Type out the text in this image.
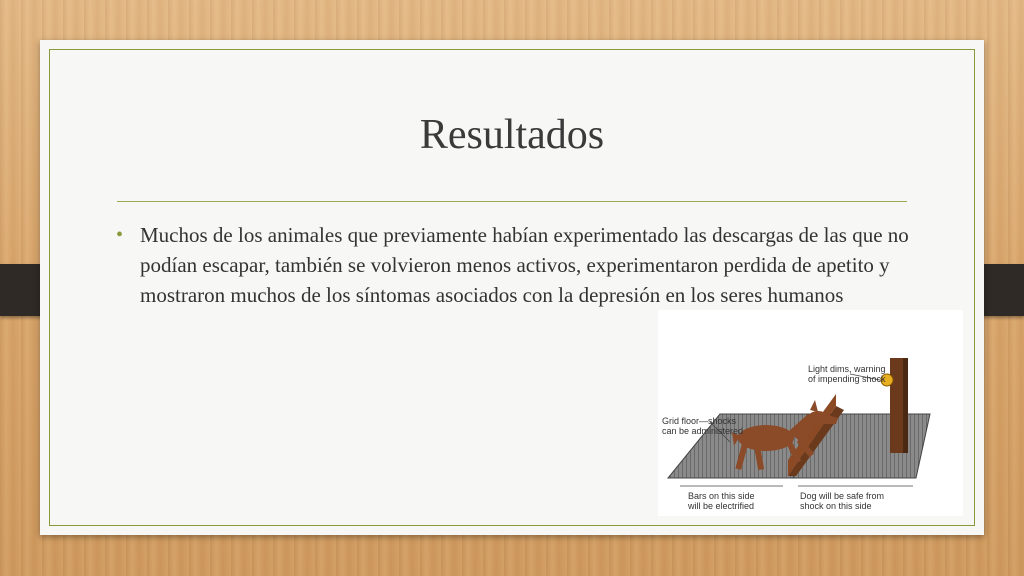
Resultados
• Muchos de los animales que previamente habían experimentado las descargas de las que no podían escapar, también se volvieron menos activos, experimentaron perdida de apetito y mostraron muchos de los síntomas asociados con la depresión en los seres humanos
Light dims, warning
of impending shock
Grid floor—shocks
can be administered
Bars on this side
will be electrified
Dog will be safe from
shock on this side
